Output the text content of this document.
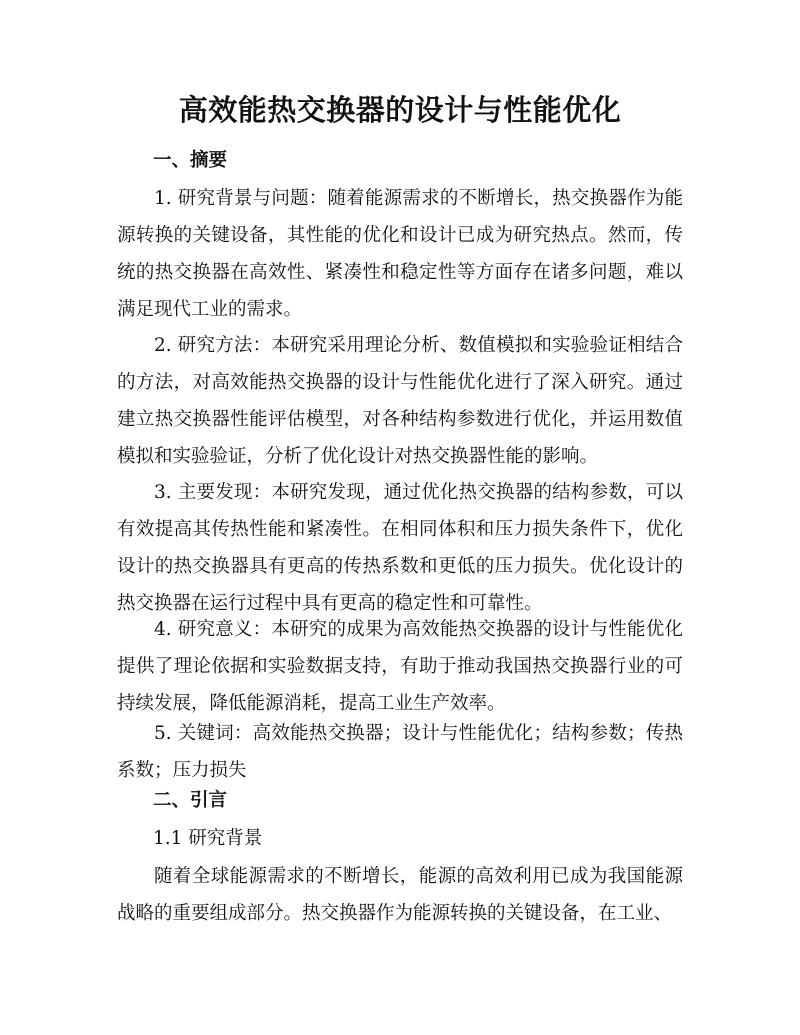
高效能热交换器的设计与性能优化
一、摘要

1. 研究背景与问题：随着能源需求的不断增长，热交换器作为能源转换的关键设备，其性能的优化和设计已成为研究热点。然而，传统的热交换器在高效性、紧凑性和稳定性等方面存在诸多问题，难以满足现代工业的需求。

2. 研究方法：本研究采用理论分析、数值模拟和实验验证相结合的方法，对高效能热交换器的设计与性能优化进行了深入研究。通过建立热交换器性能评估模型，对各种结构参数进行优化，并运用数值模拟和实验验证，分析了优化设计对热交换器性能的影响。

3. 主要发现：本研究发现，通过优化热交换器的结构参数，可以有效提高其传热性能和紧凑性。在相同体积和压力损失条件下，优化设计的热交换器具有更高的传热系数和更低的压力损失。优化设计的热交换器在运行过程中具有更高的稳定性和可靠性。

4. 研究意义：本研究的成果为高效能热交换器的设计与性能优化提供了理论依据和实验数据支持，有助于推动我国热交换器行业的可持续发展，降低能源消耗，提高工业生产效率。

5. 关键词：高效能热交换器；设计与性能优化；结构参数；传热系数；压力损失

二、引言

1.1 研究背景

随着全球能源需求的不断增长，能源的高效利用已成为我国能源战略的重要组成部分。热交换器作为能源转换的关键设备，在工业、
